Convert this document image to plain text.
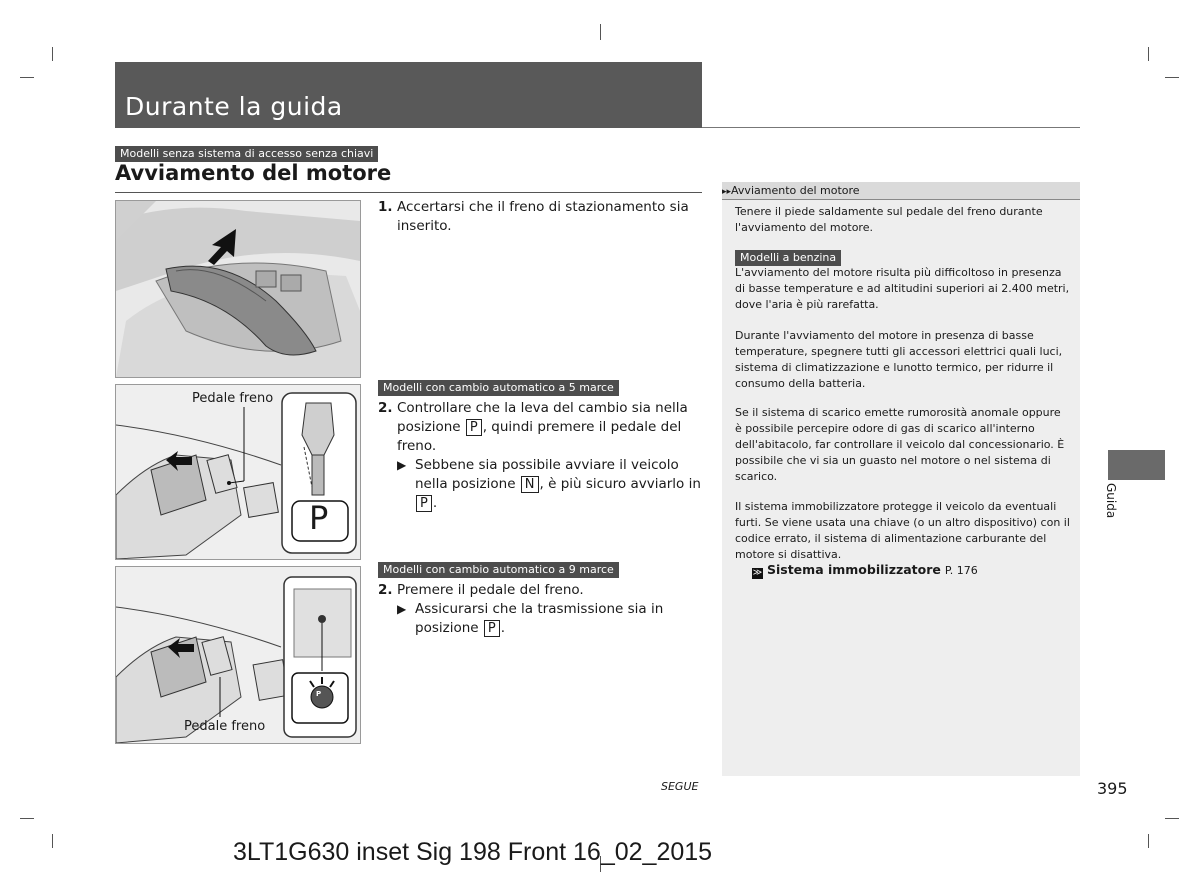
Durante la guida
Modelli senza sistema di accesso senza chiavi
Avviamento del motore
Pedale freno
P
P
Pedale freno
1. Accertarsi che il freno di stazionamento sia inserito.
Modelli con cambio automatico a 5 marce
2. Controllare che la leva del cambio sia nella posizione P , quindi premere il pedale del freno.
▶ Sebbene sia possibile avviare il veicolo nella posizione N , è più sicuro avviarlo in P .
Modelli con cambio automatico a 9 marce
2. Premere il pedale del freno.
▶ Assicurarsi che la trasmissione sia in posizione P .
▸▸Avviamento del motore
Tenere il piede saldamente sul pedale del freno durante l'avviamento del motore.
Modelli a benzina
L'avviamento del motore risulta più difficoltoso in presenza di basse temperature e ad altitudini superiori ai 2.400 metri, dove l'aria è più rarefatta.
Durante l'avviamento del motore in presenza di basse temperature, spegnere tutti gli accessori elettrici quali luci, sistema di climatizzazione e lunotto termico, per ridurre il consumo della batteria.
Se il sistema di scarico emette rumorosità anomale oppure è possibile percepire odore di gas di scarico all'interno dell'abitacolo, far controllare il veicolo dal concessionario. È possibile che vi sia un guasto nel motore o nel sistema di scarico.
Il sistema immobilizzatore protegge il veicolo da eventuali furti. Se viene usata una chiave (o un altro dispositivo) con il codice errato, il sistema di alimentazione carburante del motore si disattiva.
≫ Sistema immobilizzatore P. 176
Guida
SEGUE	395
3LT1G630 inset Sig 198 Front 16_02_2015
